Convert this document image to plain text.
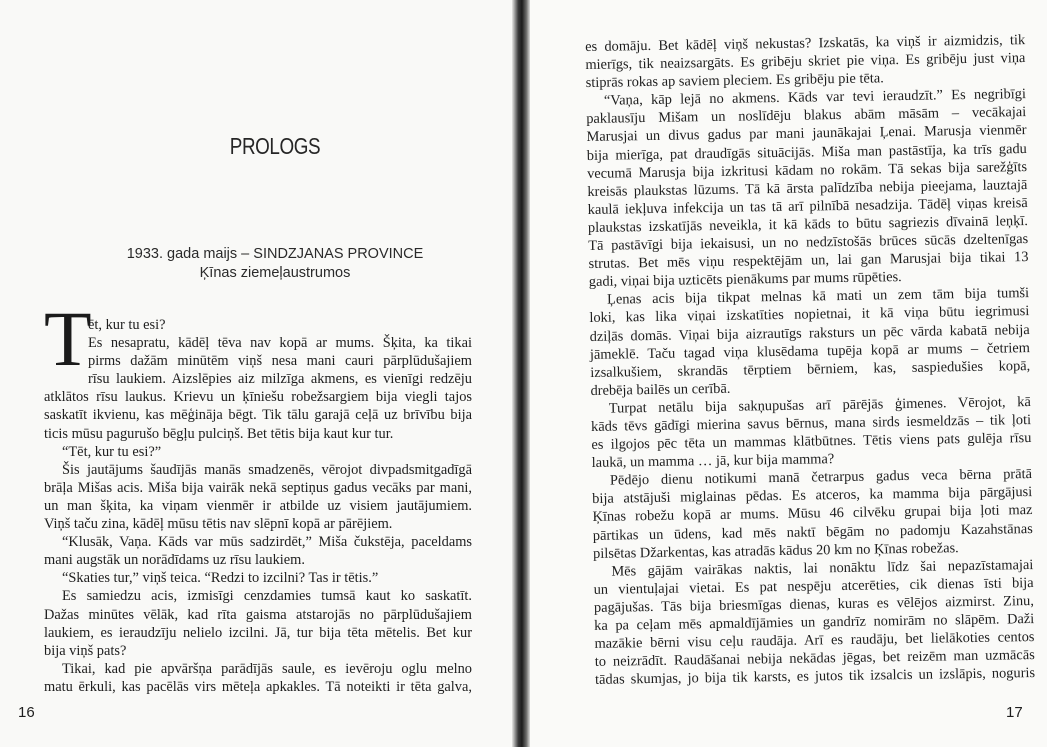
PROLOGS
1933. gada maijs – SINDZJANAS PROVINCE
Ķīnas ziemeļaustrumos
T
ēt, kur tu esi?
Es nesapratu, kādēļ tēva nav kopā ar mums. Šķita, ka tikai
pirms dažām minūtēm viņš nesa mani cauri pārplūdušajiem
rīsu laukiem. Aizslēpies aiz milzīga akmens, es vienīgi redzēju
atklātos rīsu laukus. Krievu un ķīniešu robežsargiem bija viegli tajos
saskatīt ikvienu, kas mēģināja bēgt. Tik tālu garajā ceļā uz brīvību bija
ticis mūsu pagurušo bēgļu pulciņš. Bet tētis bija kaut kur tur.
“Tēt, kur tu esi?”
Šis jautājums šaudījās manās smadzenēs, vērojot divpadsmitgadīgā
brāļa Mišas acis. Miša bija vairāk nekā septiņus gadus vecāks par mani,
un man šķita, ka viņam vienmēr ir atbilde uz visiem jautājumiem.
Viņš taču zina, kādēļ mūsu tētis nav slēpnī kopā ar pārējiem.
“Klusāk, Vaņa. Kāds var mūs sadzirdēt,” Miša čukstēja, paceldams
mani augstāk un norādīdams uz rīsu laukiem.
“Skaties tur,” viņš teica. “Redzi to izcilni? Tas ir tētis.”
Es samiedzu acis, izmisīgi cenzdamies tumsā kaut ko saskatīt.
Dažas minūtes vēlāk, kad rīta gaisma atstarojās no pārplūdušajiem
laukiem, es ieraudzīju nelielo izcilni. Jā, tur bija tēta mētelis. Bet kur
bija viņš pats?
Tikai, kad pie apvāršņa parādījās saule, es ievēroju oglu melno
matu ērkuli, kas pacēlās virs mēteļa apkakles. Tā noteikti ir tēta galva,
16
es domāju. Bet kādēļ viņš nekustas? Izskatās, ka viņš ir aizmidzis, tik
mierīgs, tik neaizsargāts. Es gribēju skriet pie viņa. Es gribēju just viņa
stiprās rokas ap saviem pleciem. Es gribēju pie tēta.
“Vaņa, kāp lejā no akmens. Kāds var tevi ieraudzīt.” Es negribīgi
paklausīju Mišam un noslīdēju blakus abām māsām – vecākajai
Marusjai un divus gadus par mani jaunākajai Ļenai. Marusja vienmēr
bija mierīga, pat draudīgās situācijās. Miša man pastāstīja, ka trīs gadu
vecumā Marusja bija izkritusi kādam no rokām. Tā sekas bija sarežģīts
kreisās plaukstas lūzums. Tā kā ārsta palīdzība nebija pieejama, lauztajā
kaulā iekļuva infekcija un tas tā arī pilnībā nesadzija. Tādēļ viņas kreisā
plaukstas izskatījās neveikla, it kā kāds to būtu sagriezis dīvainā leņķī.
Tā pastāvīgi bija iekaisusi, un no nedzīstošās brūces sūcās dzeltenīgas
strutas. Bet mēs viņu respektējām un, lai gan Marusjai bija tikai 13
gadi, viņai bija uzticēts pienākums par mums rūpēties.
Ļenas acis bija tikpat melnas kā mati un zem tām bija tumši
loki, kas lika viņai izskatīties nopietnai, it kā viņa būtu iegrimusi
dziļās domās. Viņai bija aizrautīgs raksturs un pēc vārda kabatā nebija
jāmeklē. Taču tagad viņa klusēdama tupēja kopā ar mums – četriem
izsalkušiem, skrandās tērptiem bērniem, kas, saspiedušies kopā,
drebēja bailēs un cerībā.
Turpat netālu bija sakņupušas arī pārējās ģimenes. Vērojot, kā
kāds tēvs gādīgi mierina savus bērnus, mana sirds iesmeldzās – tik ļoti
es ilgojos pēc tēta un mammas klātbūtnes. Tētis viens pats gulēja rīsu
laukā, un mamma … jā, kur bija mamma?
Pēdējo dienu notikumi manā četrarpus gadus veca bērna prātā
bija atstājuši miglainas pēdas. Es atceros, ka mamma bija pārgājusi
Ķīnas robežu kopā ar mums. Mūsu 46 cilvēku grupai bija ļoti maz
pārtikas un ūdens, kad mēs naktī bēgām no padomju Kazahstānas
pilsētas Džarkentas, kas atradās kādus 20 km no Ķīnas robežas.
Mēs gājām vairākas naktis, lai nonāktu līdz šai nepazīstamajai
un vientuļajai vietai. Es pat nespēju atcerēties, cik dienas īsti bija
pagājušas. Tās bija briesmīgas dienas, kuras es vēlējos aizmirst. Zinu,
ka pa ceļam mēs apmaldījāmies un gandrīz nomirām no slāpēm. Daži
mazākie bērni visu ceļu raudāja. Arī es raudāju, bet lielākoties centos
to neizrādīt. Raudāšanai nebija nekādas jēgas, bet reizēm man uzmācās
tādas skumjas, jo bija tik karsts, es jutos tik izsalcis un izslāpis, noguris
17
